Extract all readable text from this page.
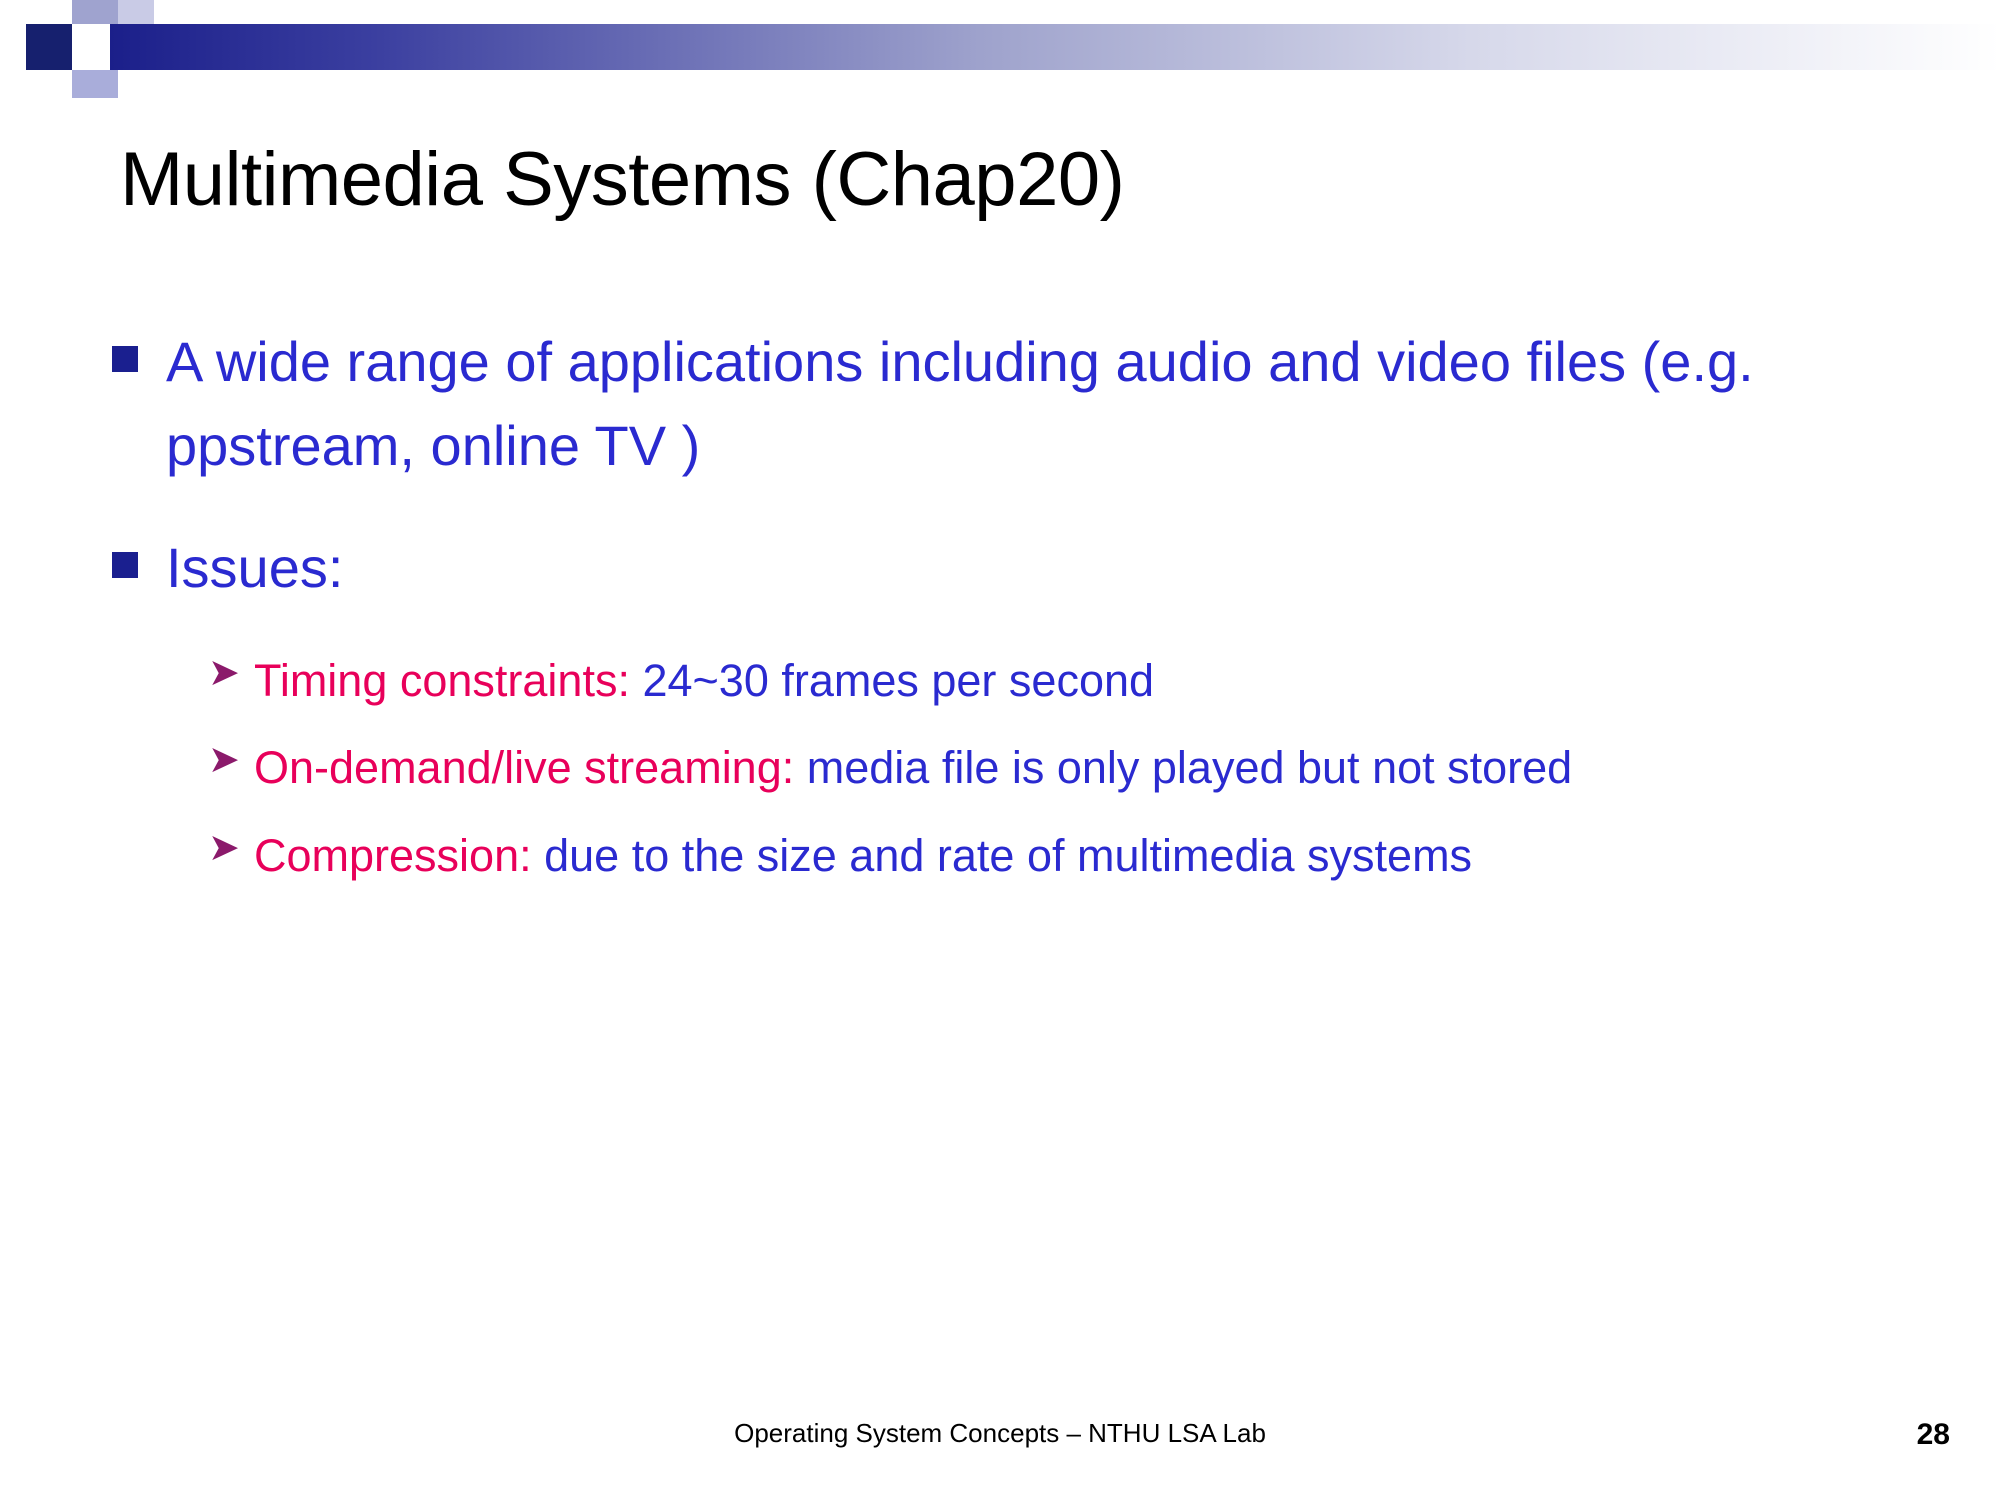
Multimedia Systems (Chap20)
A wide range of applications including audio and video files (e.g. ppstream, online TV )
Issues:
➤ Timing constraints: 24~30 frames per second
➤ On-demand/live streaming: media file is only played but not stored
➤ Compression: due to the size and rate of multimedia systems
Operating System Concepts – NTHU LSA Lab	28
